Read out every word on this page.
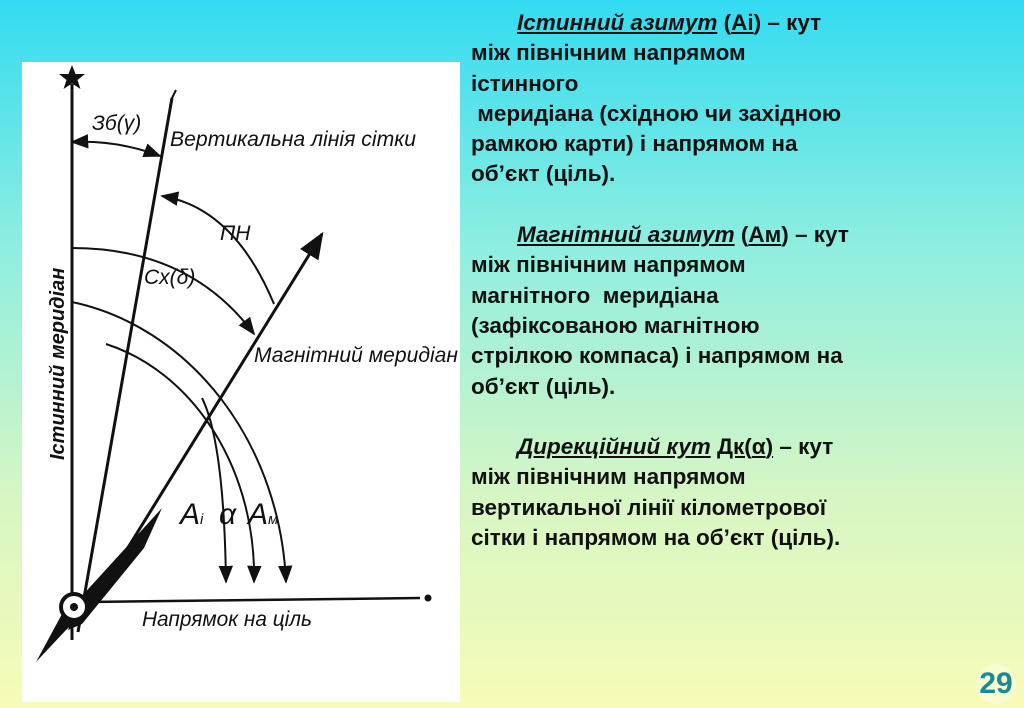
Істинний меридіан
Зб(γ)
Вертикальна лінія сітки
ПН
Сх(δ)
Магнітний меридіан
Аі α Ам
Напрямок на ціль
Істинний азимут (Аі) – кут
між північним напрямом
істинного
меридіана (східною чи західною
рамкою карти) і напрямом на
об’єкт (ціль).
Магнітний азимут (Ам) – кут
між північним напрямом
магнітного  меридіана
(зафіксованою магнітною
стрілкою компаса) і напрямом на
об’єкт (ціль).
Дирекційний кут Дк(α) – кут
між північним напрямом
вертикальної лінії кілометрової
сітки і напрямом на об’єкт (ціль).
29
